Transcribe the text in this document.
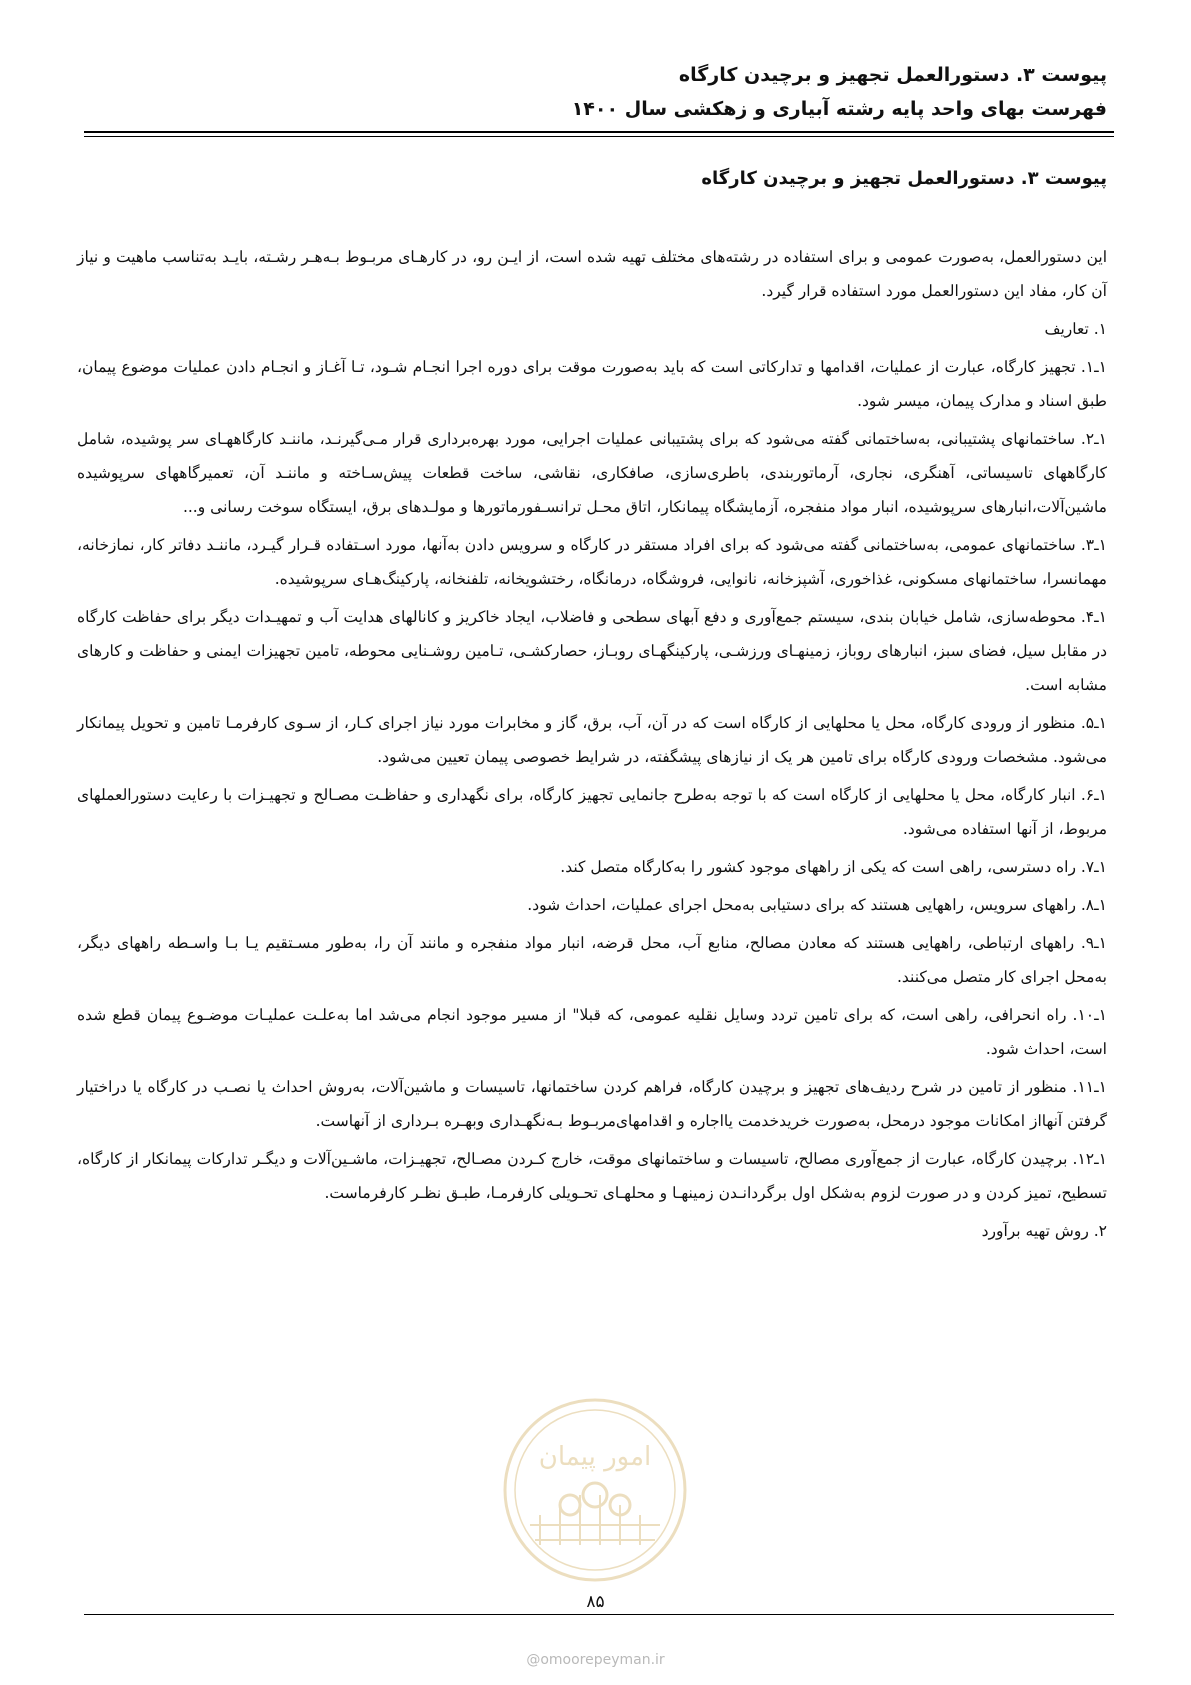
پیوست ۳. دستورالعمل تجهیز و برچیدن کارگاه
فهرست بهای واحد پایه رشته آبیاری و زهکشی سال ۱۴۰۰
پیوست ۳. دستورالعمل تجهیز و برچیدن کارگاه

این دستورالعمل، به‌صورت عمومی و برای استفاده در رشته‌های مختلف تهیه شده است، از ایـن رو، در کارهـای مربـوط بـه‌هـر رشـته، بایـد به‌تناسب ماهیت و نیاز آن کار، مفاد این دستورالعمل مورد استفاده قرار گیرد.

۱. تعاریف

۱ـ۱. تجهیز کارگاه، عبارت از عملیات، اقدامها و تدارکاتی است که باید به‌صورت موقت برای دوره اجرا انجـام شـود، تـا آغـاز و انجـام دادن عملیات موضوع پیمان، طبق اسناد و مدارک پیمان، میسر شود.

۱ـ۲. ساختمانهای پشتیبانی، به‌ساختمانی گفته می‌شود که برای پشتیبانی عملیات اجرایی، مورد بهره‌برداری قرار مـی‌گیرنـد، ماننـد کارگاههـای سر پوشیده، شامل کارگاههای تاسیساتی، آهنگری، نجاری، آرماتوربندی، باطری‌سازی، صافکاری، نقاشی، ساخت قطعات پیش‌سـاخته و ماننـد آن، تعمیرگاههای سرپوشیده ماشین‌آلات،انبارهای سرپوشیده، انبار مواد منفجره، آزمایشگاه پیمانکار، اتاق محـل ترانسـفورماتورها و مولـدهای برق، ایستگاه سوخت رسانی و...

۱ـ۳. ساختمانهای عمومی، به‌ساختمانی گفته می‌شود که برای افراد مستقر در کارگاه و سرویس دادن به‌آنها، مورد اسـتفاده قـرار گیـرد، ماننـد دفاتر کار، نمازخانه، مهمانسرا، ساختمانهای مسکونی، غذاخوری، آشپزخانه، نانوایی، فروشگاه، درمانگاه، رختشویخانه، تلفنخانه، پارکینگ‌هـای سرپوشیده.

۱ـ۴. محوطه‌سازی، شامل خیابان بندی، سیستم جمع‌آوری و دفع آبهای سطحی و فاضلاب، ایجاد خاکریز و کانالهای هدایت آب و تمهیـدات دیگر برای حفاظت کارگاه در مقابل سیل، فضای سبز، انبارهای روباز، زمینهـای ورزشـی، پارکینگهـای روبـاز، حصارکشـی، تـامین روشـنایی محوطه، تامین تجهیزات ایمنی و حفاظت و کارهای مشابه است.

۱ـ۵. منظور از ورودی کارگاه، محل یا محلهایی از کارگاه است که در آن، آب، برق، گاز و مخابرات مورد نیاز اجرای کـار، از سـوی کارفرمـا تامین و تحویل پیمانکار می‌شود. مشخصات ورودی کارگاه برای تامین هر یک از نیازهای پیشگفته، در شرایط خصوصی پیمان تعیین می‌شود.

۱ـ۶. انبار کارگاه، محل یا محلهایی از کارگاه است که با توجه به‌طرح جانمایی تجهیز کارگاه، برای نگهداری و حفاظـت مصـالح و تجهیـزات با رعایت دستورالعملهای مربوط، از آنها استفاده می‌شود.

۱ـ۷. راه دسترسی، راهی است که یکی از راههای موجود کشور را به‌کارگاه متصل کند.

۱ـ۸. راههای سرویس، راههایی هستند که برای دستیابی به‌محل اجرای عملیات، احداث شود.

۱ـ۹. راههای ارتباطی، راههایی هستند که معادن مصالح، منابع آب، محل قرضه، انبار مواد منفجره و مانند آن را، به‌طور مسـتقیم یـا بـا واسـطه راههای دیگر، به‌محل اجرای کار متصل می‌کنند.

۱ـ۱۰. راه انحرافی، راهی است، که برای تامین تردد وسایل نقلیه عمومی، که قبلا" از مسیر موجود انجام می‌شد اما به‌علـت عملیـات موضـوع پیمان قطع شده است، احداث شود.

۱ـ۱۱. منظور از تامین در شرح ردیف‌های تجهیز و برچیدن کارگاه، فراهم کردن ساختمانها، تاسیسات و ماشین‌آلات، به‌روش احداث یا نصـب در کارگاه یا دراختیار گرفتن آنهااز امکانات موجود درمحل، به‌صورت خریدخدمت یااجاره و اقدامهای‌مربـوط بـه‌نگهـداری وبهـره بـرداری از آنهاست.

۱ـ۱۲. برچیدن کارگاه، عبارت از جمع‌آوری مصالح، تاسیسات و ساختمانهای موقت، خارج کـردن مصـالح، تجهیـزات، ماشـین‌آلات و دیگـر تدارکات پیمانکار از کارگاه، تسطیح، تمیز کردن و در صورت لزوم به‌شکل اول برگردانـدن زمینهـا و محلهـای تحـویلی کارفرمـا، طبـق نظـر کارفرماست.

۲. روش تهیه برآورد

امور پیمان
۸۵
@omoorepeyman.ir
